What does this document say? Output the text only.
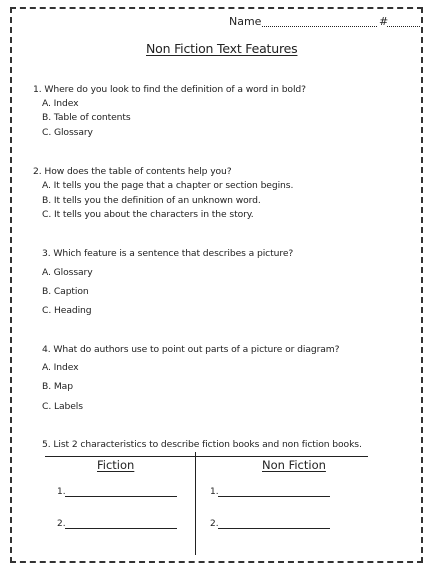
Name	#
Non Fiction Text Features
1. Where do you look to find the definition of a word in bold?
A. Index
B. Table of contents
C. Glossary
2. How does the table of contents help you?
A. It tells you the page that a chapter or section begins.
B. It tells you the definition of an unknown word.
C. It tells you about the characters in the story.
3. Which feature is a sentence that describes a picture?
A. Glossary
B. Caption
C. Heading
4. What do authors use to point out parts of a picture or diagram?
A. Index
B. Map
C. Labels
5. List 2 characteristics to describe fiction books and non fiction books.
Fiction	Non Fiction
1.
2.
1.
2.
